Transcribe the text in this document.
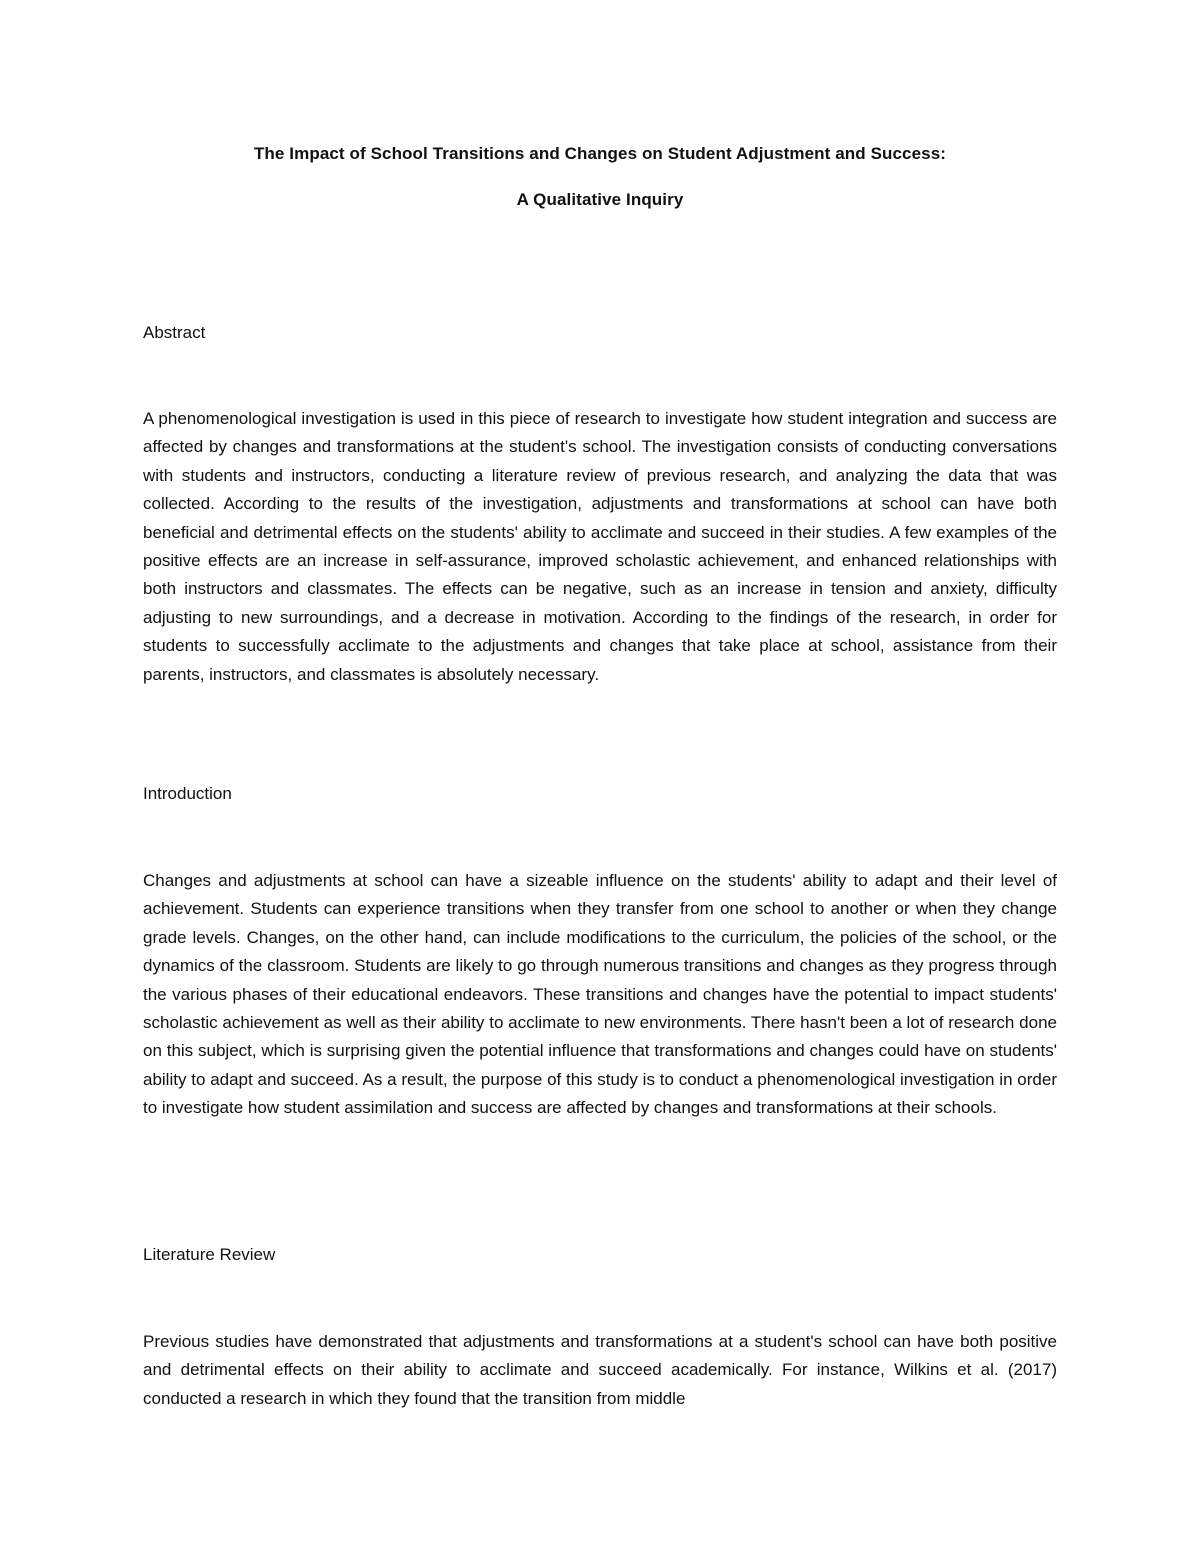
The Impact of School Transitions and Changes on Student Adjustment and Success:
A Qualitative Inquiry
Abstract

A phenomenological investigation is used in this piece of research to investigate how student integration and success are affected by changes and transformations at the student's school. The investigation consists of conducting conversations with students and instructors, conducting a literature review of previous research, and analyzing the data that was collected. According to the results of the investigation, adjustments and transformations at school can have both beneficial and detrimental effects on the students' ability to acclimate and succeed in their studies. A few examples of the positive effects are an increase in self-assurance, improved scholastic achievement, and enhanced relationships with both instructors and classmates. The effects can be negative, such as an increase in tension and anxiety, difficulty adjusting to new surroundings, and a decrease in motivation. According to the findings of the research, in order for students to successfully acclimate to the adjustments and changes that take place at school, assistance from their parents, instructors, and classmates is absolutely necessary.

Introduction

Changes and adjustments at school can have a sizeable influence on the students' ability to adapt and their level of achievement. Students can experience transitions when they transfer from one school to another or when they change grade levels. Changes, on the other hand, can include modifications to the curriculum, the policies of the school, or the dynamics of the classroom. Students are likely to go through numerous transitions and changes as they progress through the various phases of their educational endeavors. These transitions and changes have the potential to impact students' scholastic achievement as well as their ability to acclimate to new environments. There hasn't been a lot of research done on this subject, which is surprising given the potential influence that transformations and changes could have on students' ability to adapt and succeed. As a result, the purpose of this study is to conduct a phenomenological investigation in order to investigate how student assimilation and success are affected by changes and transformations at their schools.

Literature Review

Previous studies have demonstrated that adjustments and transformations at a student's school can have both positive and detrimental effects on their ability to acclimate and succeed academically. For instance, Wilkins et al. (2017) conducted a research in which they found that the transition from middle
